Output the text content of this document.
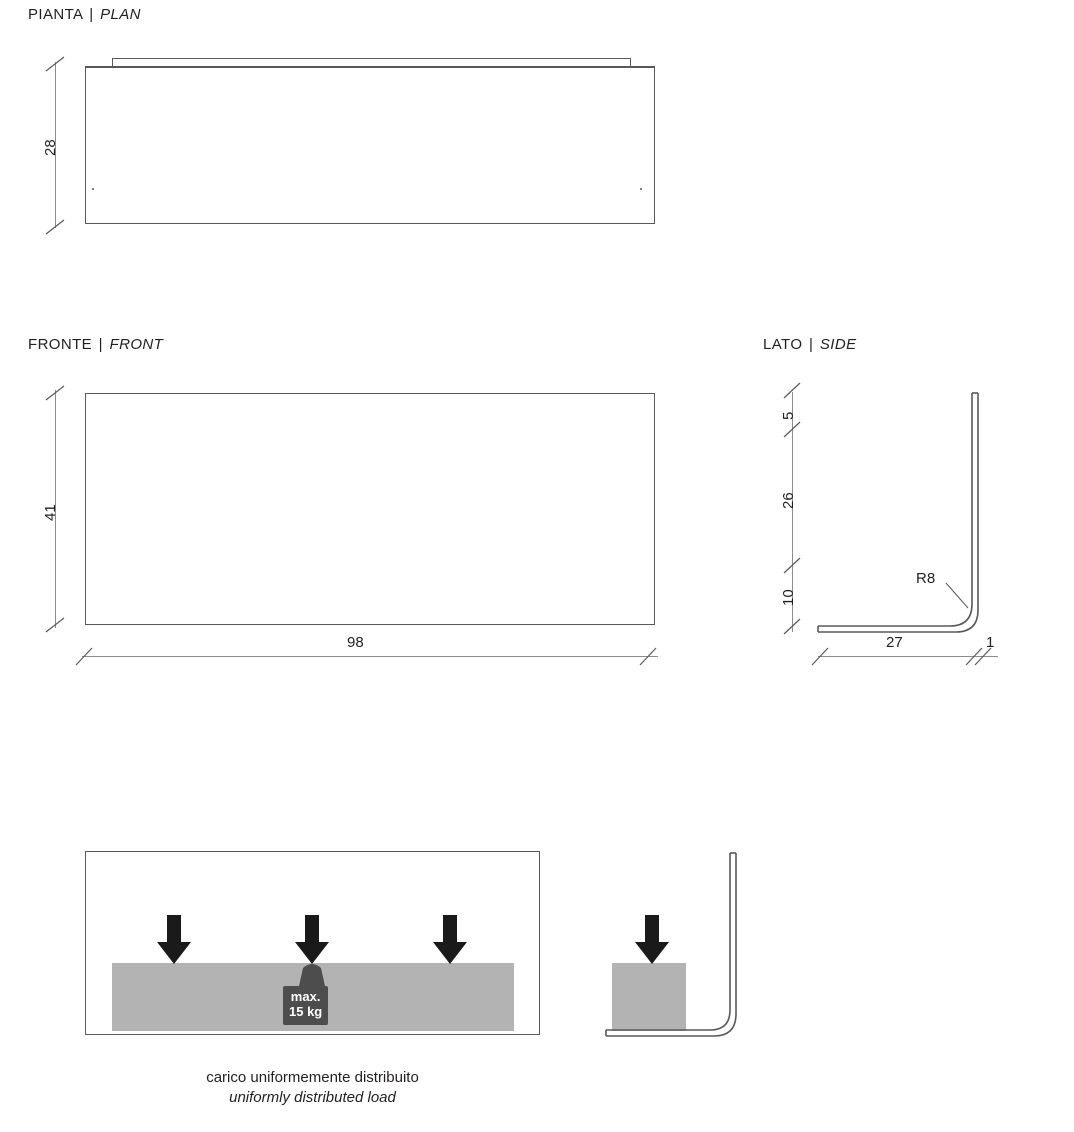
PIANTA | PLAN
28
FRONTE | FRONT
41
98
LATO | SIDE
5
26
10
27	1
R8
max.
15 kg
carico uniformemente distribuito
uniformly distributed load
